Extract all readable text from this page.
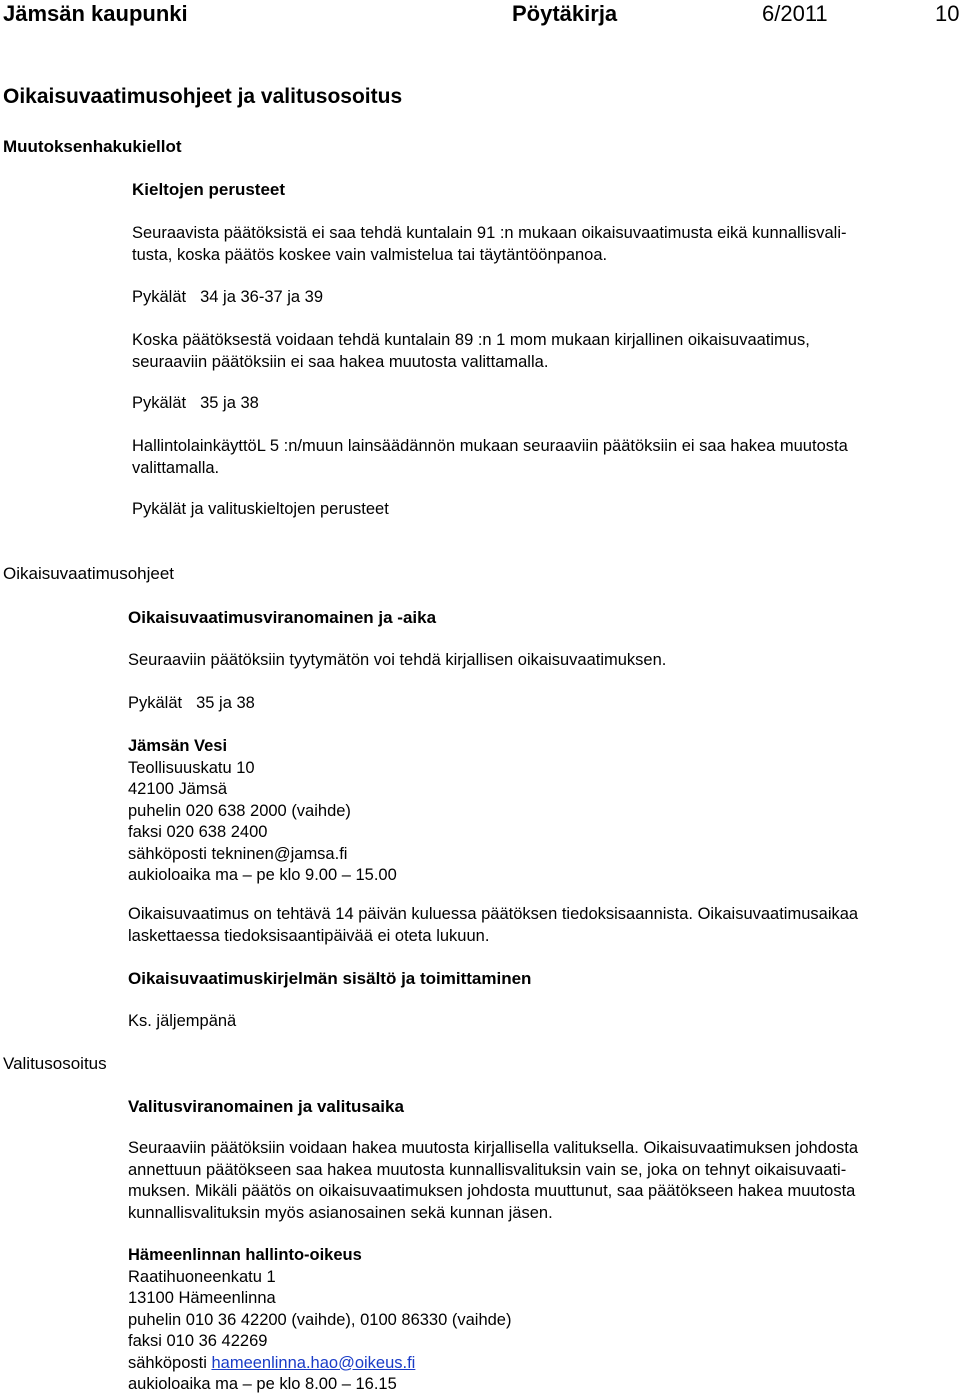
Jämsän kaupunki	Pöytäkirja	6/2011	10
Oikaisuvaatimusohjeet ja valitusosoitus
Muutoksenhakukiellot
Kieltojen perusteet
Seuraavista päätöksistä ei saa tehdä kuntalain 91 :n mukaan oikaisuvaatimusta eikä kunnallisvali-
tusta, koska päätös koskee vain valmistelua tai täytäntöönpanoa.
Pykälät 34 ja 36-37 ja 39
Koska päätöksestä voidaan tehdä kuntalain 89 :n 1 mom mukaan kirjallinen oikaisuvaatimus,
seuraaviin päätöksiin ei saa hakea muutosta valittamalla.
Pykälät 35 ja 38
HallintolainkäyttöL 5 :n/muun lainsäädännön mukaan seuraaviin päätöksiin ei saa hakea muutosta
valittamalla.
Pykälät ja valituskieltojen perusteet
Oikaisuvaatimusohjeet
Oikaisuvaatimusviranomainen ja -aika
Seuraaviin päätöksiin tyytymätön voi tehdä kirjallisen oikaisuvaatimuksen.
Pykälät 35 ja 38
Jämsän Vesi
Teollisuuskatu 10
42100 Jämsä
puhelin 020 638 2000 (vaihde)
faksi 020 638 2400
sähköposti tekninen@jamsa.fi
aukioloaika ma – pe klo 9.00 – 15.00
Oikaisuvaatimus on tehtävä 14 päivän kuluessa päätöksen tiedoksisaannista. Oikaisuvaatimusaikaa
laskettaessa tiedoksisaantipäivää ei oteta lukuun.
Oikaisuvaatimuskirjelmän sisältö ja toimittaminen
Ks. jäljempänä
Valitusosoitus
Valitusviranomainen ja valitusaika
Seuraaviin päätöksiin voidaan hakea muutosta kirjallisella valituksella. Oikaisuvaatimuksen johdosta
annettuun päätökseen saa hakea muutosta kunnallisvalituksin vain se, joka on tehnyt oikaisuvaati-
muksen. Mikäli päätös on oikaisuvaatimuksen johdosta muuttunut, saa päätökseen hakea muutosta
kunnallisvalituksin myös asianosainen sekä kunnan jäsen.
Hämeenlinnan hallinto-oikeus
Raatihuoneenkatu 1
13100 Hämeenlinna
puhelin 010 36 42200 (vaihde), 0100 86330 (vaihde)
faksi 010 36 42269
sähköposti hameenlinna.hao@oikeus.fi
aukioloaika ma – pe klo 8.00 – 16.15
